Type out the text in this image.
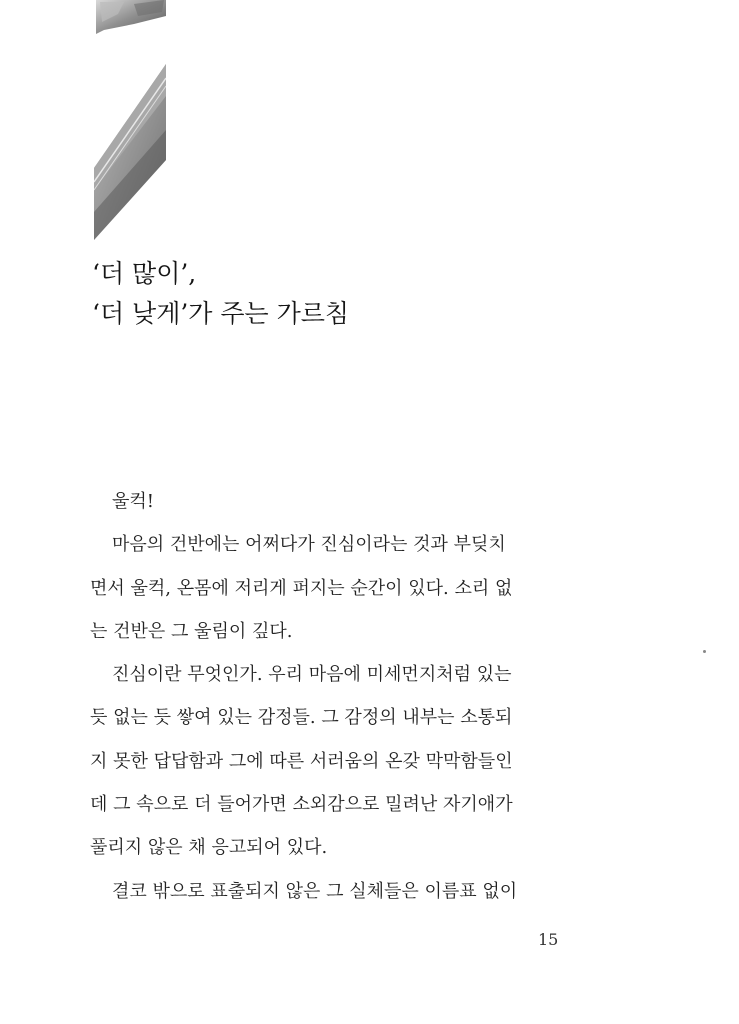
‘더 많이’,
‘더 낮게’가 주는 가르침
울컥!
마음의 건반에는 어쩌다가 진심이라는 것과 부딪치
면서 울컥, 온몸에 저리게 퍼지는 순간이 있다. 소리 없
는 건반은 그 울림이 깊다.
진심이란 무엇인가. 우리 마음에 미세먼지처럼 있는
듯 없는 듯 쌓여 있는 감정들. 그 감정의 내부는 소통되
지 못한 답답함과 그에 따른 서러움의 온갖 막막함들인
데 그 속으로 더 들어가면 소외감으로 밀려난 자기애가
풀리지 않은 채 응고되어 있다.
결코 밖으로 표출되지 않은 그 실체들은 이름표 없이
15
